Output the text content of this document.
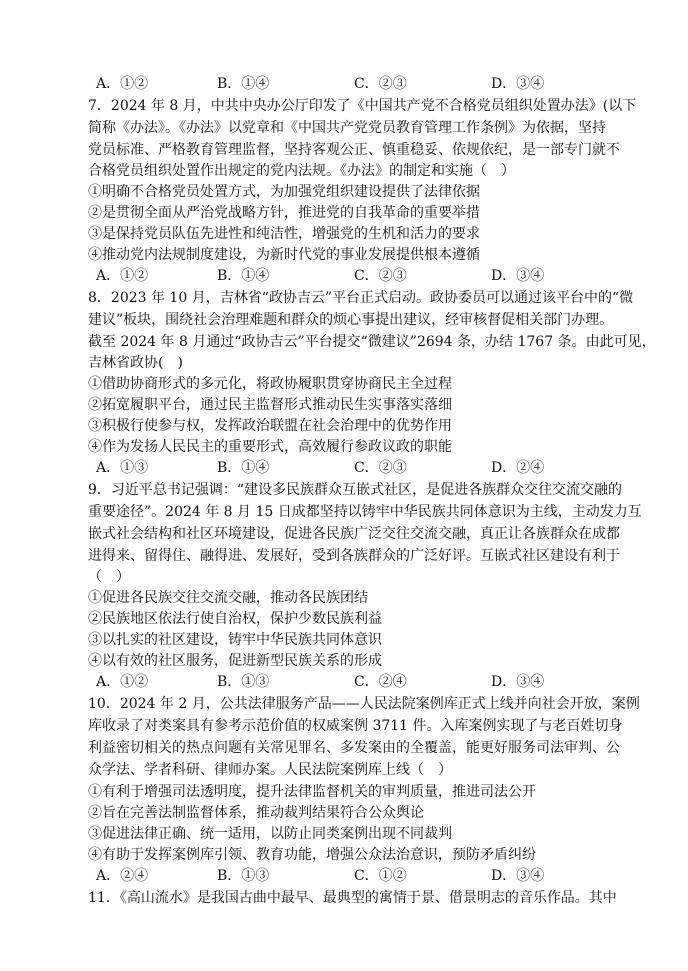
A．①②	B．①④	C．②③	D．③④
7．2024 年 8 月，中共中央办公厅印发了《中国共产党不合格党员组织处置办法》(以下
简称《办法》。《办法》以党章和《中国共产党党员教育管理工作条例》为依据，坚持
党员标准、严格教育管理监督，坚持客观公正、慎重稳妥、依规依纪，是一部专门就不
合格党员组织处置作出规定的党内法规。《办法》的制定和实施（　）
①明确不合格党员处置方式，为加强党组织建设提供了法律依据
②是贯彻全面从严治党战略方针，推进党的自我革命的重要举措
③是保持党员队伍先进性和纯洁性，增强党的生机和活力的要求
④推动党内法规制度建设，为新时代党的事业发展提供根本遵循
A．①②	B．①④	C．②③	D．③④
8．2023 年 10 月，吉林省“政协吉云”平台正式启动。政协委员可以通过该平台中的“微
建议”板块，围绕社会治理难题和群众的烦心事提出建议，经审核督促相关部门办理。
截至 2024 年 8 月通过“政协吉云”平台提交“微建议”2694 条，办结 1767 条。由此可见，
吉林省政协(　)
①借助协商形式的多元化，将政协履职贯穿协商民主全过程
②拓宽履职平台，通过民主监督形式推动民生实事落实落细
③积极行使参与权，发挥政治联盟在社会治理中的优势作用
④作为发扬人民民主的重要形式，高效履行参政议政的职能
A．①③	B．①④	C．②③	D．②④
9．习近平总书记强调：“建设多民族群众互嵌式社区，是促进各族群众交往交流交融的
重要途径”。2024 年 8 月 15 日成都坚持以铸牢中华民族共同体意识为主线，主动发力互
嵌式社会结构和社区环境建设，促进各民族广泛交往交流交融，真正让各族群众在成都
进得来、留得住、融得进、发展好，受到各族群众的广泛好评。互嵌式社区建设有利于
（　）
①促进各民族交往交流交融，推动各民族团结
②民族地区依法行使自治权，保护少数民族利益
③以扎实的社区建设，铸牢中华民族共同体意识
④以有效的社区服务，促进新型民族关系的形成
A．①②	B．①③	C．②④	D．③④
10．2024 年 2 月，公共法律服务产品——人民法院案例库正式上线并向社会开放，案例
库收录了对类案具有参考示范价值的权威案例 3711 件。入库案例实现了与老百姓切身
利益密切相关的热点问题有关常见罪名、多发案由的全覆盖，能更好服务司法审判、公
众学法、学者科研、律师办案。人民法院案例库上线（　）
①有利于增强司法透明度，提升法律监督机关的审判质量，推进司法公开
②旨在完善法制监督体系，推动裁判结果符合公众舆论
③促进法律正确、统一适用，以防止同类案例出现不同裁判
④有助于发挥案例库引领、教育功能，增强公众法治意识，预防矛盾纠纷
A．②④	B．①③	C．①②	D．③④
11．《高山流水》是我国古曲中最早、最典型的寓情于景、借景明志的音乐作品。其中
